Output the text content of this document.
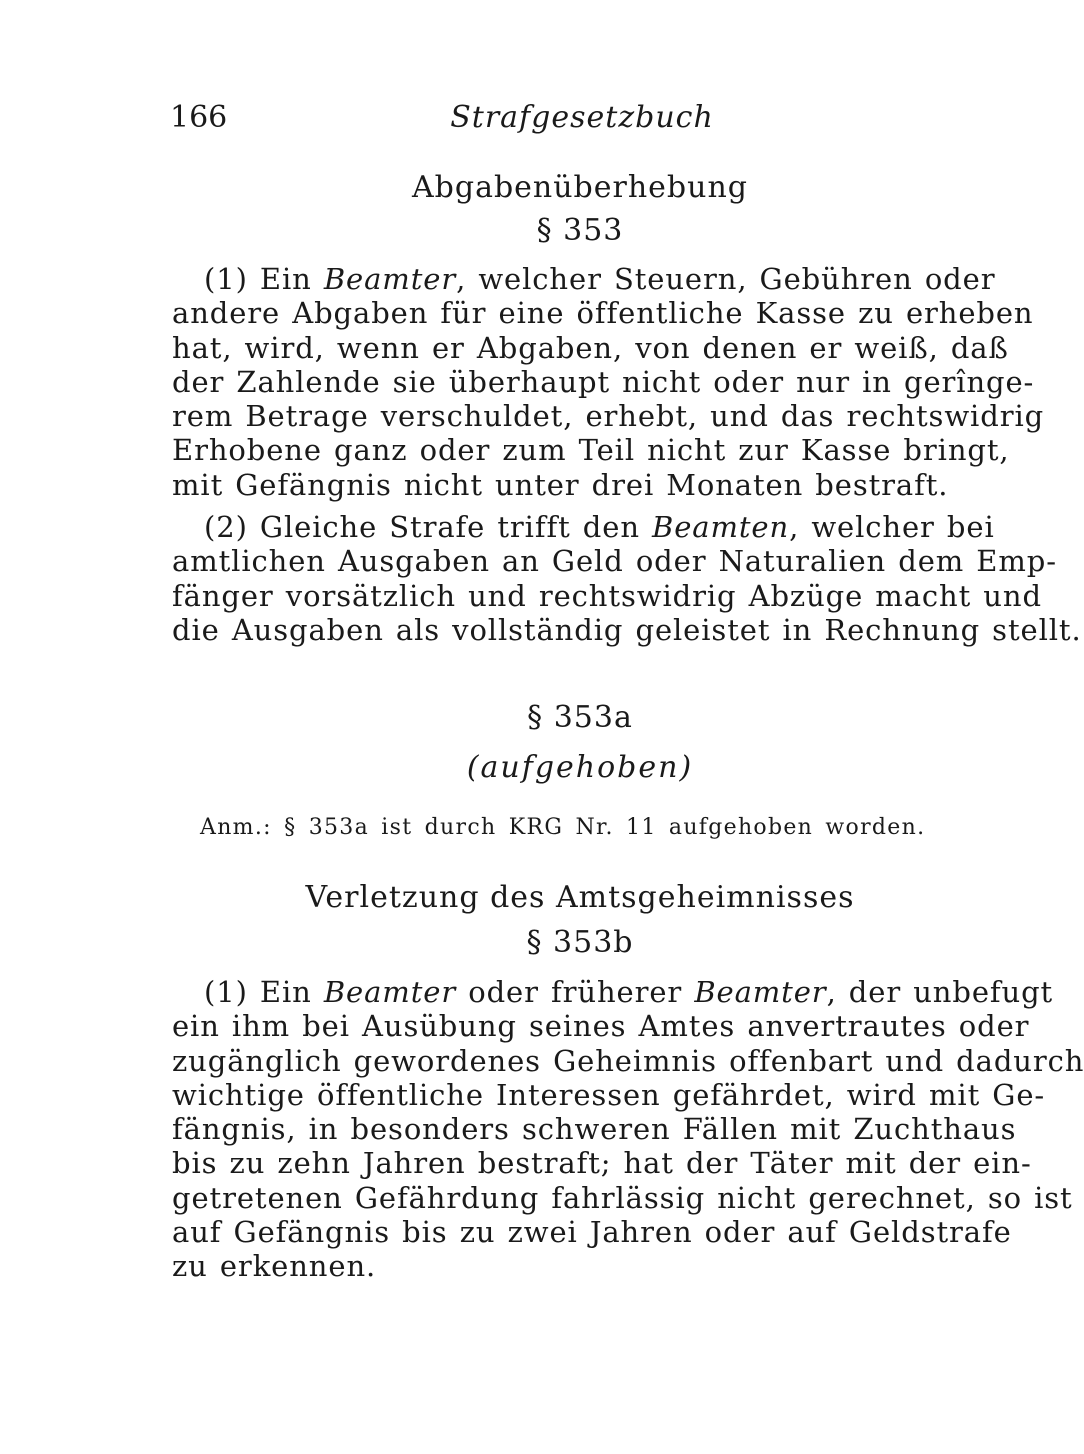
166	Strafgesetzbuch
Abgabenüberhebung
§ 353
(1) Ein Beamter, welcher Steuern, Gebühren oder
andere Abgaben für eine öffentliche Kasse zu erheben
hat, wird, wenn er Abgaben, von denen er weiß, daß
der Zahlende sie überhaupt nicht oder nur in gerînge-
rem Betrage verschuldet, erhebt, und das rechtswidrig
Erhobene ganz oder zum Teil nicht zur Kasse bringt,
mit Gefängnis nicht unter drei Monaten bestraft.
(2) Gleiche Strafe trifft den Beamten, welcher bei
amtlichen Ausgaben an Geld oder Naturalien dem Emp-
fänger vorsätzlich und rechtswidrig Abzüge macht und
die Ausgaben als vollständig geleistet in Rechnung stellt.
§ 353a
(aufgehoben)
Anm.: § 353a ist durch KRG Nr. 11 aufgehoben worden.
Verletzung des Amtsgeheimnisses
§ 353b
(1) Ein Beamter oder früherer Beamter, der unbefugt
ein ihm bei Ausübung seines Amtes anvertrautes oder
zugänglich gewordenes Geheimnis offenbart und dadurch
wichtige öffentliche Interessen gefährdet, wird mit Ge-
fängnis, in besonders schweren Fällen mit Zuchthaus
bis zu zehn Jahren bestraft; hat der Täter mit der ein-
getretenen Gefährdung fahrlässig nicht gerechnet, so ist
auf Gefängnis bis zu zwei Jahren oder auf Geldstrafe
zu erkennen.
